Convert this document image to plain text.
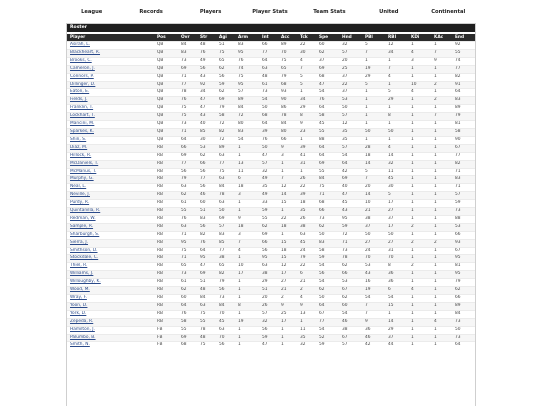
League	Records	Players	Player Stats	Team Stats	United	Continental
Roster
Player	Pos	Ovr	Str	Agi	Arm	Int	Acc	Tck	Spe	Hnd	PBl	RBl	KDi	KAc	End
Asirah, L.	QB	84	48	51	83	66	89	22	60	32	5	12	1	1	92
Blackheart, R.	QB	83	76	75	95	77	70	30	62	57	7	34	4	7	55
Brooks, C.	QB	73	49	65	76	64	75	4	37	20	1	1	3	9	74
Cameron, J.	QB	69	56	62	74	63	65	7	69	25	19	7	1	1	77
Connors, P.	QB	71	43	56	75	48	79	5	68	37	29	4	1	1	82
Dillinger, D.	QB	77	92	59	95	61	68	5	47	22	5	1	10	2	91
Eaton, E.	QB	78	34	62	57	73	93	1	54	37	1	5	4	1	64
Fields, J.	QB	76	47	69	89	54	90	34	76	53	1	29	1	2	83
Franklin, T.	QB	75	47	79	84	50	86	29	64	50	1	1	1	1	89
Lockhart, T.	QB	75	43	58	72	68	78	8	58	57	1	8	1	7	79
Mancini, M.	QB	73	40	72	80	64	84	9	45	12	1	1	1	1	81
Sparkes, K.	QB	71	85	82	83	39	80	23	55	35	50	50	1	1	58
Shin, S.	QB	64	30	72	54	76	66	1	88	35	1	1	1	1	90
Diaz, M.	RB	66	53	89	1	50	9	39	64	57	28	4	1	1	67
Hillock, R.	RB	69	62	63	1	47	3	41	64	54	18	14	1	1	77
McDaniels, T.	RB	77	66	77	13	57	1	31	69	64	14	32	1	1	82
McManus, T.	RB	56	56	75	11	32	1	1	55	42	5	11	1	1	71
Murphy, G.	RB	79	77	63	6	49	7	26	84	69	7	45	1	1	83
Neal, L.	RB	63	56	84	18	35	12	22	75	40	20	30	1	1	71
Neville, J.	RB	62	46	78	3	49	14	39	71	47	14	5	1	1	57
Purdy, R.	RB	61	60	63	1	33	15	18	68	45	10	17	1	1	59
Quintanilla, R.	RB	55	51	50	1	59	1	35	66	43	21	27	1	1	73
Redman, W.	RB	76	83	69	9	55	22	26	73	95	38	37	1	1	88
Sample, R.	RB	63	56	57	18	62	18	38	62	59	37	17	2	1	53
Sharburgh, S.	RB	71	82	83	3	69	1	63	50	72	50	50	1	1	66
Sierra, J.	RB	95	76	85	7	66	15	45	83	71	27	27	2	2	93
Smithson, D.	RB	75	64	77	4	56	18	24	58	73	24	31	1	1	67
Stockdale, C.	RB	71	95	38	1	95	15	79	59	78	70	70	1	1	95
Thiel, R.	RB	65	47	65	10	63	12	22	54	62	53	8	2	1	81
Williams, J.	RB	73	69	82	17	38	17	6	56	66	43	36	1	1	95
Willoughby, K.	RB	61	51	79	1	29	27	21	54	53	16	36	1	1	79
Wood, M.	RB	62	48	56	1	51	21	2	62	67	19	6	4	1	62
Wray, F.	RB	60	84	73	1	20	2	4	50	62	54	54	1	1	66
Yoon, D.	RB	64	63	84	8	26	9	9	64	60	7	15	1	1	89
York, D.	RB	76	75	70	1	57	25	13	67	54	7	1	1	1	84
Zepeda, R.	RB	58	55	45	19	32	17	1	77	46	9	14	1	4	73
Hamilton, J.	FB	55	78	63	1	56	1	11	54	38	36	29	1	1	50
Palumbo, B.	FB	69	48	70	1	59	1	35	52	67	46	37	1	1	73
Smith, N.	FB	68	75	56	1	47	1	32	59	57	42	44	1	1	64
